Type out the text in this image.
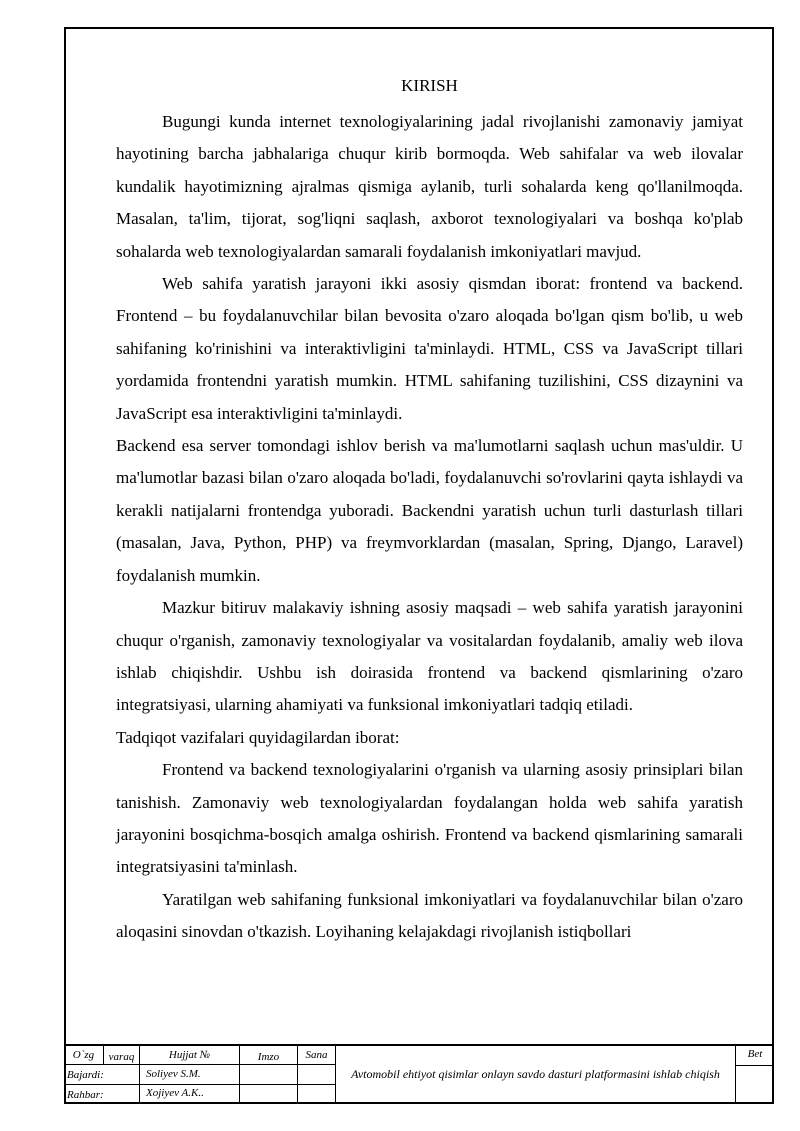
KIRISH

Bugungi kunda internet texnologiyalarining jadal rivojlanishi zamonaviy jamiyat hayotining barcha jabhalariga chuqur kirib bormoqda. Web sahifalar va web ilovalar kundalik hayotimizning ajralmas qismiga aylanib, turli sohalarda keng qo'llanilmoqda. Masalan, ta'lim, tijorat, sog'liqni saqlash, axborot texnologiyalari va boshqa ko'plab sohalarda web texnologiyalardan samarali foydalanish imkoniyatlari mavjud.

Web sahifa yaratish jarayoni ikki asosiy qismdan iborat: frontend va backend. Frontend – bu foydalanuvchilar bilan bevosita o'zaro aloqada bo'lgan qism bo'lib, u web sahifaning ko'rinishini va interaktivligini ta'minlaydi. HTML, CSS va JavaScript tillari yordamida frontendni yaratish mumkin. HTML sahifaning tuzilishini, CSS dizaynini va JavaScript esa interaktivligini ta'minlaydi.

Backend esa server tomondagi ishlov berish va ma'lumotlarni saqlash uchun mas'uldir. U ma'lumotlar bazasi bilan o'zaro aloqada bo'ladi, foydalanuvchi so'rovlarini qayta ishlaydi va kerakli natijalarni frontendga yuboradi. Backendni yaratish uchun turli dasturlash tillari (masalan, Java, Python, PHP) va freymvorklardan (masalan, Spring, Django, Laravel) foydalanish mumkin.

Mazkur bitiruv malakaviy ishning asosiy maqsadi – web sahifa yaratish jarayonini chuqur o'rganish, zamonaviy texnologiyalar va vositalardan foydalanib, amaliy web ilova ishlab chiqishdir. Ushbu ish doirasida frontend va backend qismlarining o'zaro integratsiyasi, ularning ahamiyati va funksional imkoniyatlari tadqiq etiladi.

Tadqiqot vazifalari quyidagilardan iborat:

Frontend va backend texnologiyalarini o'rganish va ularning asosiy prinsiplari bilan tanishish. Zamonaviy web texnologiyalardan foydalangan holda web sahifa yaratish jarayonini bosqichma-bosqich amalga oshirish. Frontend va backend qismlarining samarali integratsiyasini ta'minlash.

Yaratilgan web sahifaning funksional imkoniyatlari va foydalanuvchilar bilan o'zaro aloqasini sinovdan o'tkazish. Loyihaning kelajakdagi rivojlanish istiqbollari

O`zg	varaq	Hujjat №	Imzo	Sana
Bajardi:	Soliyev S.M.
Rahbar:	Xojiyev A.K..
Avtomobil ehtiyot qisimlar onlayn savdo dasturi platformasini ishlab chiqish
Bet
